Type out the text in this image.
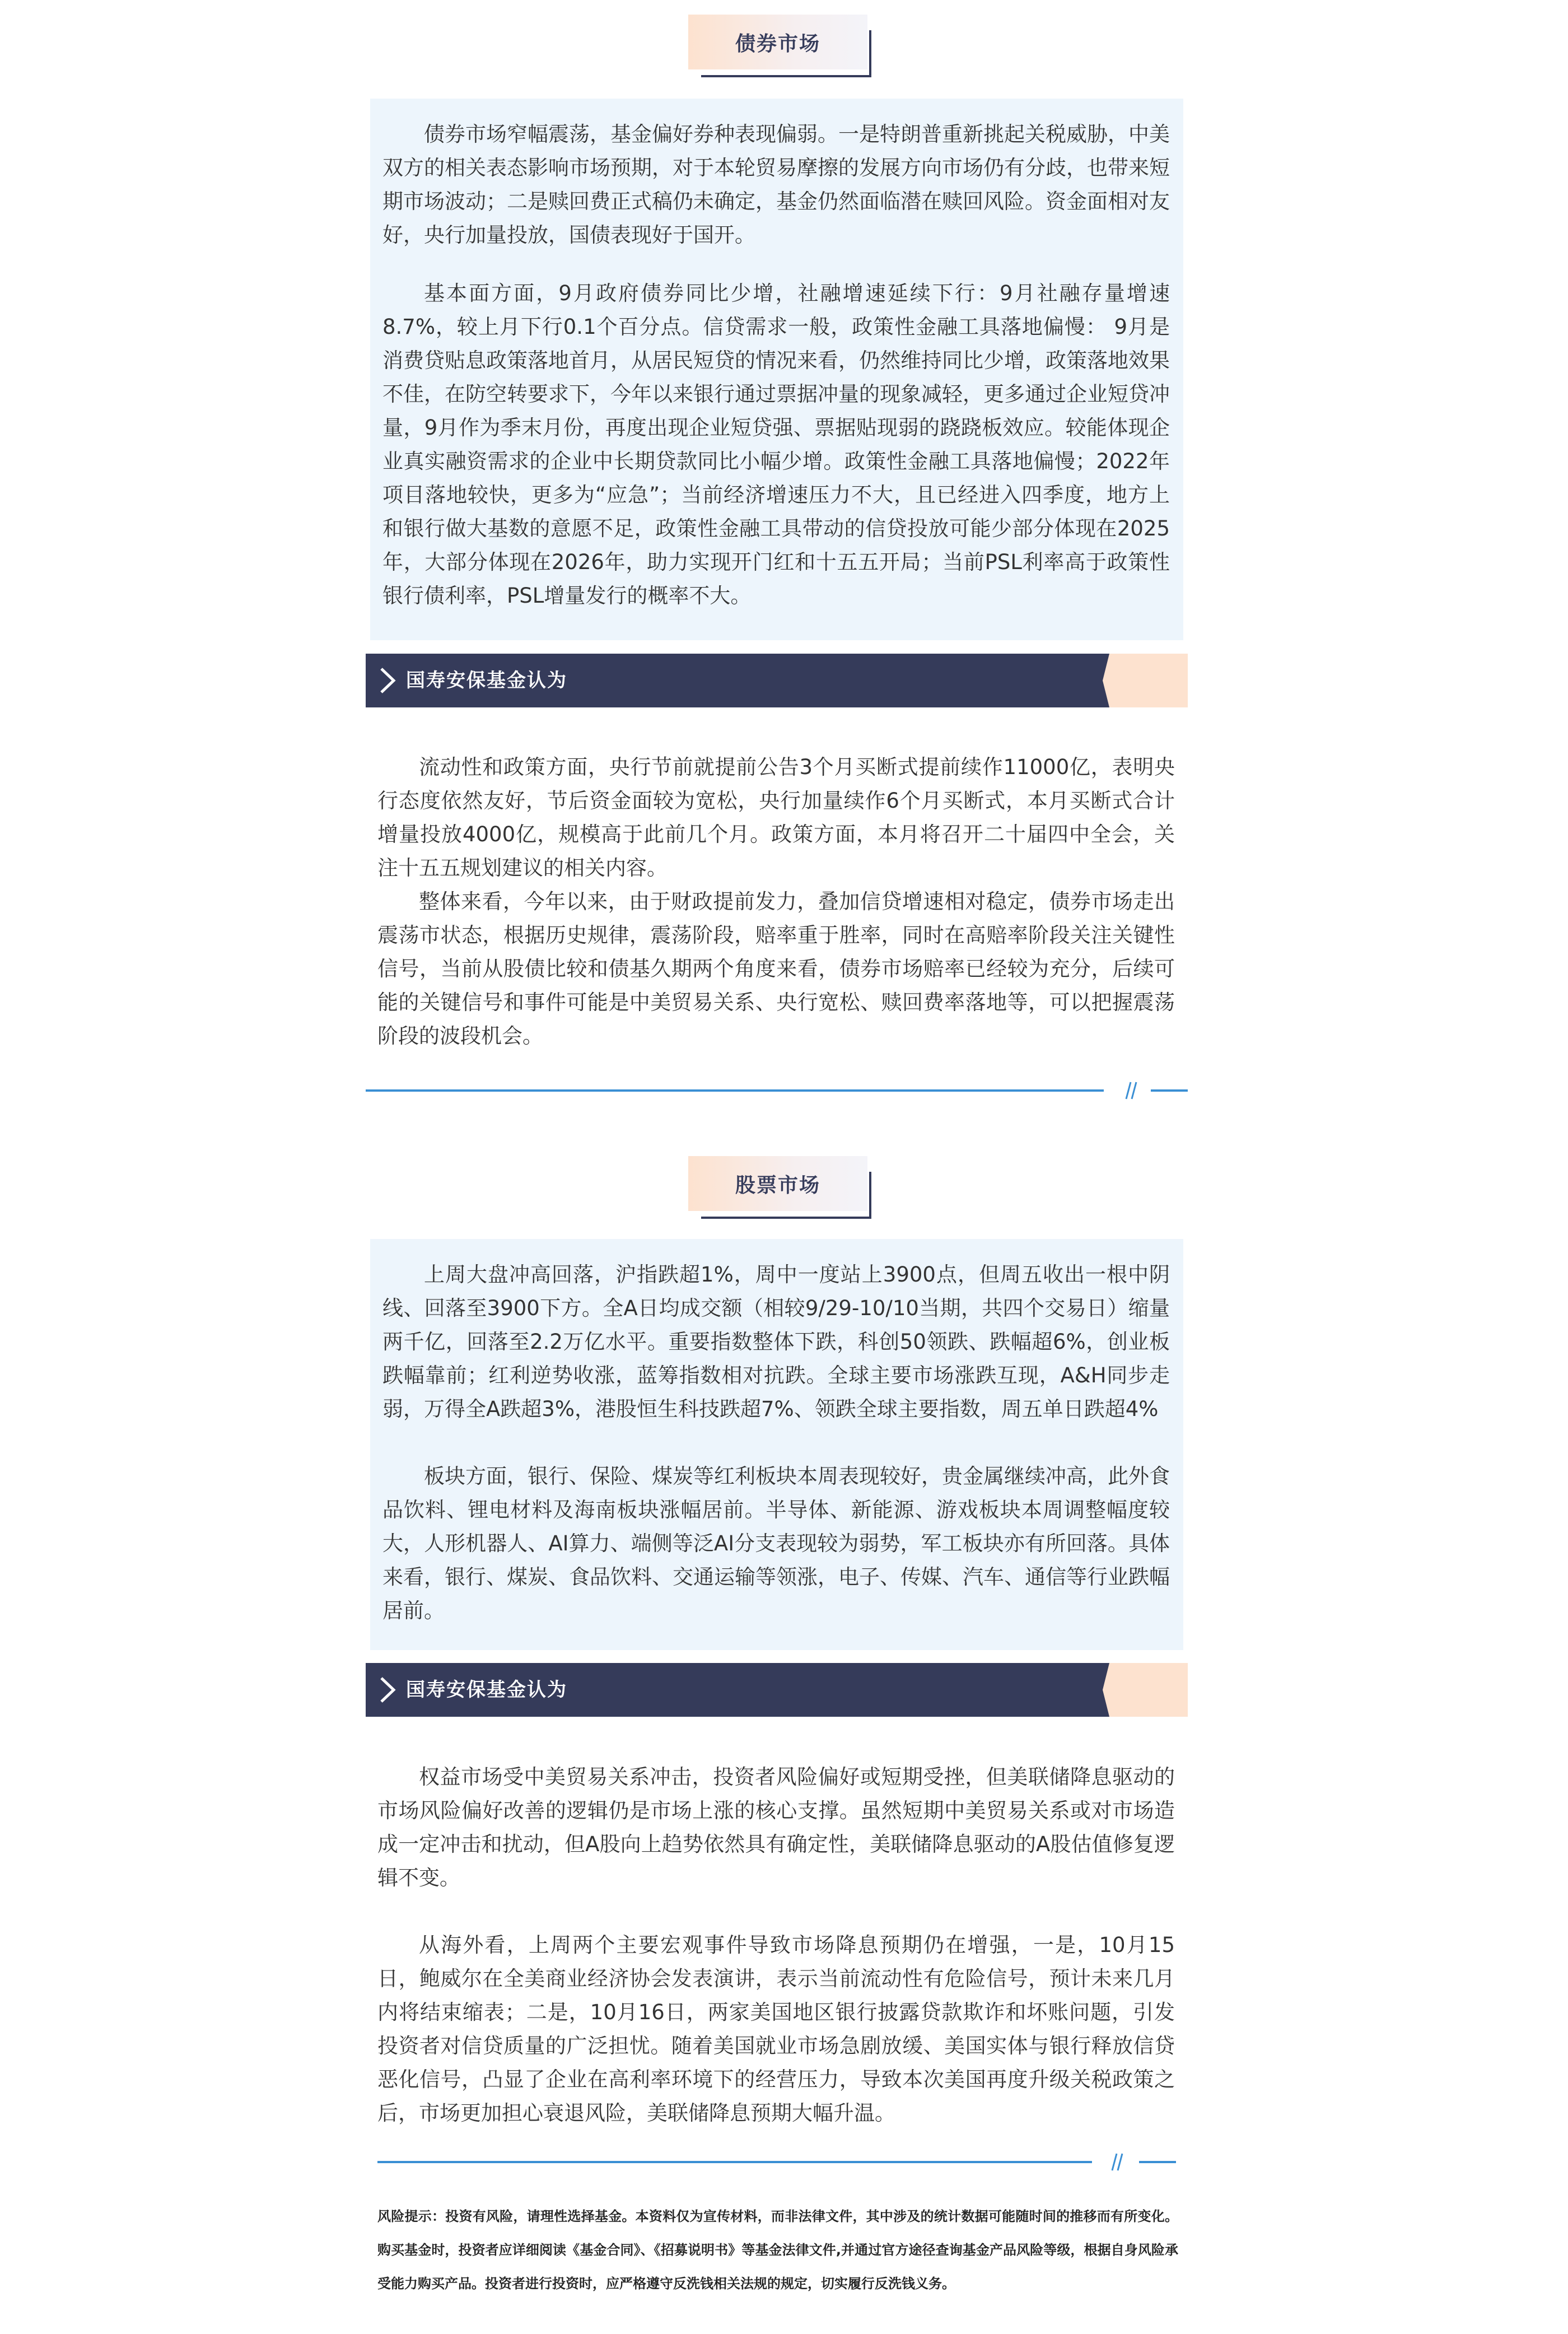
债券市场

债券市场窄幅震荡，基金偏好券种表现偏弱。一是特朗普重新挑起关税威胁，中美双方的相关表态影响市场预期，对于本轮贸易摩擦的发展方向市场仍有分歧，也带来短期市场波动；二是赎回费正式稿仍未确定，基金仍然面临潜在赎回风险。资金面相对友好，央行加量投放，国债表现好于国开。

基本面方面，9月政府债券同比少增，社融增速延续下行：9月社融存量增速8.7%，较上月下行0.1个百分点。信贷需求一般，政策性金融工具落地偏慢： 9月是消费贷贴息政策落地首月，从居民短贷的情况来看，仍然维持同比少增，政策落地效果不佳，在防空转要求下，今年以来银行通过票据冲量的现象减轻，更多通过企业短贷冲量，9月作为季末月份，再度出现企业短贷强、票据贴现弱的跷跷板效应。较能体现企业真实融资需求的企业中长期贷款同比小幅少增。政策性金融工具落地偏慢；2022年项目落地较快，更多为“应急”；当前经济增速压力不大，且已经进入四季度，地方上和银行做大基数的意愿不足，政策性金融工具带动的信贷投放可能少部分体现在2025年，大部分体现在2026年，助力实现开门红和十五五开局；当前PSL利率高于政策性银行债利率，PSL增量发行的概率不大。

国寿安保基金认为

流动性和政策方面，央行节前就提前公告3个月买断式提前续作11000亿，表明央行态度依然友好，节后资金面较为宽松，央行加量续作6个月买断式，本月买断式合计增量投放4000亿，规模高于此前几个月。政策方面，本月将召开二十届四中全会，关注十五五规划建议的相关内容。

整体来看，今年以来，由于财政提前发力，叠加信贷增速相对稳定，债券市场走出震荡市状态，根据历史规律，震荡阶段，赔率重于胜率，同时在高赔率阶段关注关键性信号，当前从股债比较和债基久期两个角度来看，债券市场赔率已经较为充分，后续可能的关键信号和事件可能是中美贸易关系、央行宽松、赎回费率落地等，可以把握震荡阶段的波段机会。

股票市场

上周大盘冲高回落，沪指跌超1%，周中一度站上3900点，但周五收出一根中阴线、回落至3900下方。全A日均成交额（相较9/29-10/10当期，共四个交易日）缩量两千亿，回落至2.2万亿水平。重要指数整体下跌，科创50领跌、跌幅超6%，创业板跌幅靠前；红利逆势收涨，蓝筹指数相对抗跌。全球主要市场涨跌互现，A&H同步走弱，万得全A跌超3%，港股恒生科技跌超7%、领跌全球主要指数，周五单日跌超4%

板块方面，银行、保险、煤炭等红利板块本周表现较好，贵金属继续冲高，此外食品饮料、锂电材料及海南板块涨幅居前。半导体、新能源、游戏板块本周调整幅度较大，人形机器人、AI算力、端侧等泛AI分支表现较为弱势，军工板块亦有所回落。具体来看，银行、煤炭、食品饮料、交通运输等领涨，电子、传媒、汽车、通信等行业跌幅居前。

国寿安保基金认为

权益市场受中美贸易关系冲击，投资者风险偏好或短期受挫，但美联储降息驱动的市场风险偏好改善的逻辑仍是市场上涨的核心支撑。虽然短期中美贸易关系或对市场造成一定冲击和扰动，但A股向上趋势依然具有确定性，美联储降息驱动的A股估值修复逻辑不变。

从海外看，上周两个主要宏观事件导致市场降息预期仍在增强，一是，10月15日，鲍威尔在全美商业经济协会发表演讲，表示当前流动性有危险信号，预计未来几月内将结束缩表；二是，10月16日，两家美国地区银行披露贷款欺诈和坏账问题，引发投资者对信贷质量的广泛担忧。随着美国就业市场急剧放缓、美国实体与银行释放信贷恶化信号，凸显了企业在高利率环境下的经营压力，导致本次美国再度升级关税政策之后，市场更加担心衰退风险，美联储降息预期大幅升温。

风险提示：投资有风险，请理性选择基金。本资料仅为宣传材料，而非法律文件，其中涉及的统计数据可能随时间的推移而有所变化。购买基金时，投资者应详细阅读《基金合同》、《招募说明书》等基金法律文件,并通过官方途径查询基金产品风险等级，根据自身风险承受能力购买产品。投资者进行投资时，应严格遵守反洗钱相关法规的规定，切实履行反洗钱义务。
